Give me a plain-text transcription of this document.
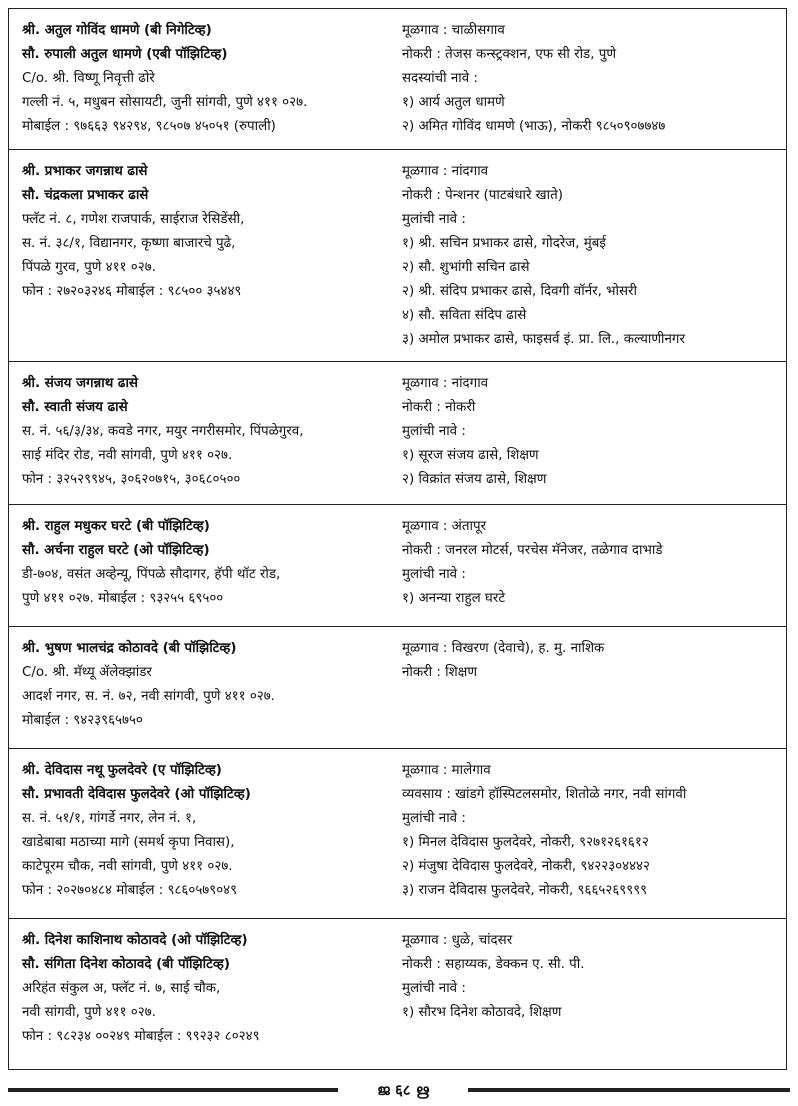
श्री. अतुल गोविंद धामणे (बी निगेटिव्ह)
सौ. रुपाली अतुल धामणे (एबी पॉझिटिव्ह)
C/o. श्री. विष्णू निवृत्ती ढोरे
गल्ली नं. ५, मधुबन सोसायटी, जुनी सांगवी, पुणे ४११ ०२७.
मोबाईल : ९७६६३ ९४२९४, ९८५०७ ४५०५१ (रुपाली)
मूळगाव : चाळीसगाव
नोकरी : तेजस कन्स्ट्रक्शन, एफ सी रोड, पुणे
सदस्यांची नावे :
१) आर्य अतुल धामणे
२) अमित गोविंद धामणे (भाऊ), नोकरी ९८५०९०७७४७
श्री. प्रभाकर जगन्नाथ ढासे
सौ. चंद्रकला प्रभाकर ढासे
फ्लॅट नं. ८, गणेश राजपार्क, साईराज रेसिडेंसी,
स. नं. ३८/१, विद्यानगर, कृष्णा बाजारचे पुढे,
पिंपळे गुरव, पुणे ४११ ०२७.
फोन : २७२०३२४६ मोबाईल : ९८५०० ३५४४९
मूळगाव : नांदगाव
नोकरी : पेन्शनर (पाटबंधारे खाते)
मुलांची नावे :
१) श्री. सचिन प्रभाकर ढासे, गोदरेज, मुंबई
२) सौ. शुभांगी सचिन ढासे
२) श्री. संदिप प्रभाकर ढासे, दिवगी वॉर्नर, भोसरी
४) सौ. सविता संदिप ढासे
३) अमोल प्रभाकर ढासे, फाइसर्व इं. प्रा. लि., कल्याणीनगर
श्री. संजय जगन्नाथ ढासे
सौ. स्वाती संजय ढासे
स. नं. ५६/३/३४, कवडे नगर, मयुर नगरीसमोर, पिंपळेगुरव,
साई मंदिर रोड, नवी सांगवी, पुणे ४११ ०२७.
फोन : ३२५२९९४५, ३०६२०७१५, ३०६८०५००
मूळगाव : नांदगाव
नोकरी : नोकरी
मुलांची नावे :
१) सूरज संजय ढासे, शिक्षण
२) विक्रांत संजय ढासे, शिक्षण
श्री. राहुल मधुकर घरटे (बी पॉझिटिव्ह)
सौ. अर्चना राहुल घरटे (ओ पॉझिटिव्ह)
डी-७०४, वसंत अव्हेन्यू, पिंपळे सौदागर, हॅपी थॉट रोड,
पुणे ४११ ०२७. मोबाईल : ९३२५५ ६९५००
मूळगाव : अंतापूर
नोकरी : जनरल मोटर्स, परचेस मॅनेजर, तळेगाव दाभाडे
मुलांची नावे :
१) अनन्या राहुल घरटे
श्री. भुषण भालचंद्र कोठावदे (बी पॉझिटिव्ह)
C/o. श्री. मॅथ्यू ॲलेक्झांडर
आदर्श नगर, स. नं. ७२, नवी सांगवी, पुणे ४११ ०२७.
मोबाईल : ९४२३९६५७५०
मूळगाव : विखरण (देवाचे), ह. मु. नाशिक
नोकरी : शिक्षण
श्री. देविदास नथू फुलदेवरे (ए पॉझिटिव्ह)
सौ. प्रभावती देविदास फुलदेवरे (ओ पॉझिटिव्ह)
स. नं. ५१/१, गांगर्डे नगर, लेन नं. १,
खाडेबाबा मठाच्या मागे (समर्थ कृपा निवास),
काटेपूरम चौक, नवी सांगवी, पुणे ४११ ०२७.
फोन : २०२७०४८४ मोबाईल : ९८६०५७९०४९
मूळगाव : मालेगाव
व्यवसाय : खांडगे हॉस्पिटलसमोर, शितोळे नगर, नवी सांगवी
मुलांची नावे :
१) मिनल देविदास फुलदेवरे, नोकरी, ९२७१२६१६१२
२) मंजुषा देविदास फुलदेवरे, नोकरी, ९४२२३०४४४२
३) राजन देविदास फुलदेवरे, नोकरी, ९६६५२६९९९९
श्री. दिनेश काशिनाथ कोठावदे (ओ पॉझिटिव्ह)
सौ. संगिता दिनेश कोठावदे (बी पॉझिटिव्ह)
अरिहंत संकुल अ, फ्लॅट नं. ७, साई चौक,
नवी सांगवी, पुणे ४११ ०२७.
फोन : ९८२३४ ००२४९ मोबाईल : ९९२३२ ८०२४९
मूळगाव : धुळे, चांदसर
नोकरी : सहाय्यक, डेक्कन ए. सी. पी.
मुलांची नावे :
१) सौरभ दिनेश कोठावदे, शिक्षण
ജ ६८ ഋ
